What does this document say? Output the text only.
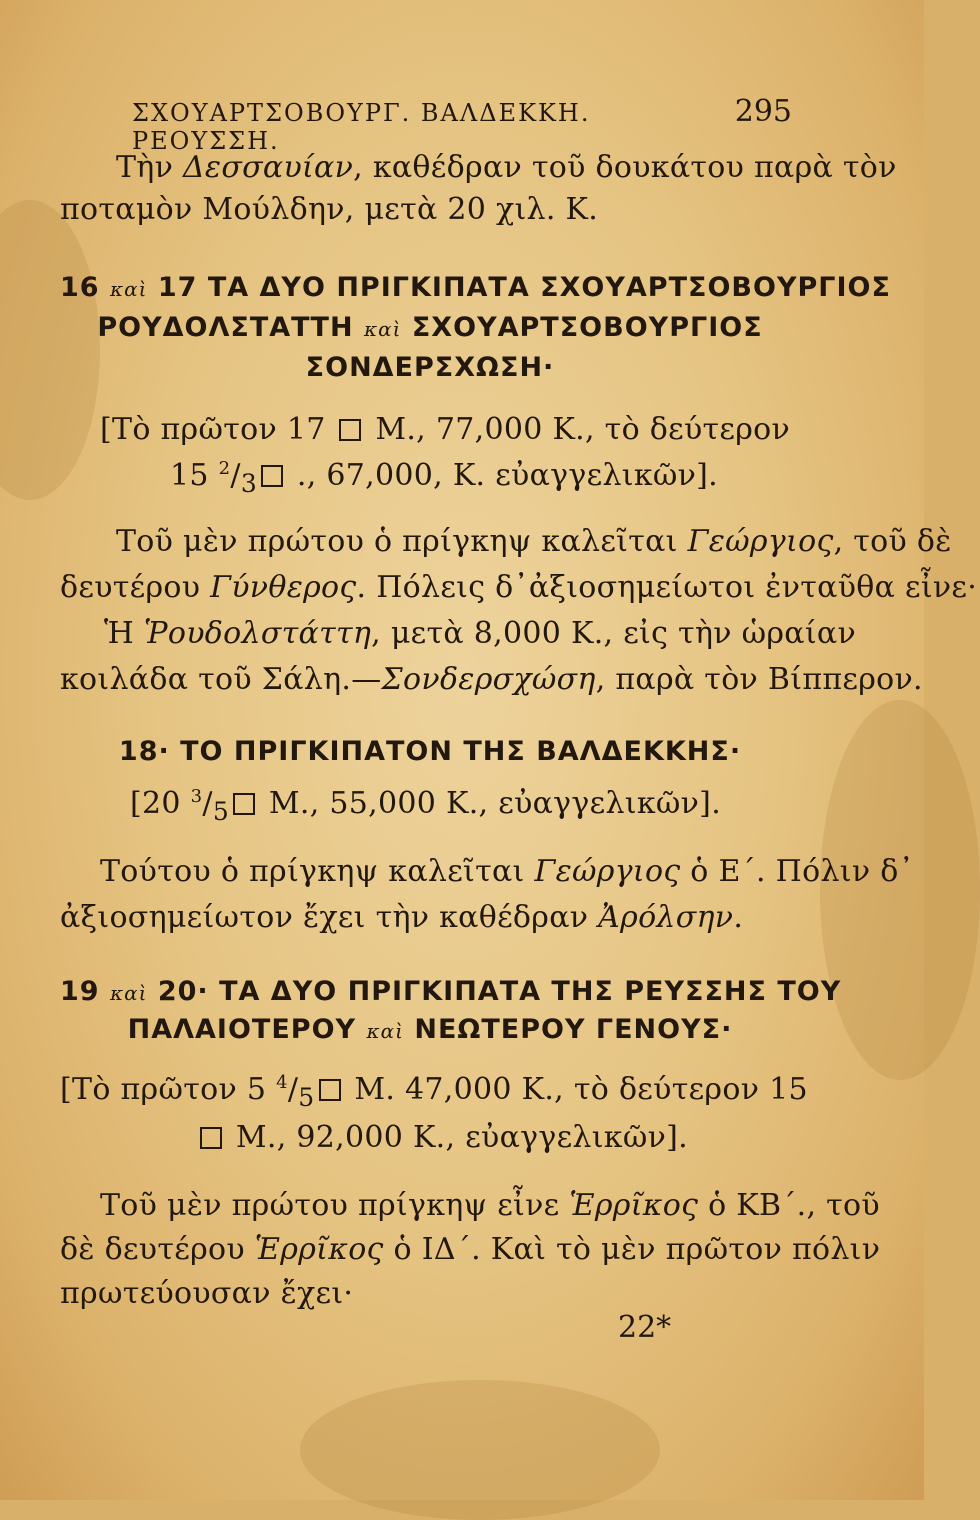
ΣΧΟΥΑΡΤΣΟΒΟΥΡΓ. ΒΑΛΔΕΚΚΗ. ΡΕΟΥΣΣΗ.
295
Τὴν Δεσσαυίαν, καθέδραν τοῦ δουκάτου παρὰ τὸν
ποταμὸν Μούλδην, μετὰ 20 χιλ. Κ.
16 καὶ 17 ΤΑ ΔΥΟ ΠΡΙΓΚΙΠΑΤΑ ΣΧΟΥΑΡΤΣΟΒΟΥΡΓΙΟΣ
ΡΟΥΔΟΛΣΤΑΤΤΗ καὶ ΣΧΟΥΑΡΤΣΟΒΟΥΡΓΙΟΣ
ΣΟΝΔΕΡΣΧΩΣΗ·
[Τὸ πρῶτον 17  Μ., 77,000 Κ., τὸ δεύτερον
15 $^2/_3$ ., 67,000, Κ. εὐαγγελικῶν].
Τοῦ μὲν πρώτου ὁ πρίγκηψ καλεῖται Γεώργιος, τοῦ δὲ
δευτέρου Γύνθερος. Πόλεις δ᾽ἀξιοσημείωτοι ἐνταῦθα εἶνε·
Ἡ Ῥουδολστάττη, μετὰ 8,000 Κ., εἰς τὴν ὡραίαν
κοιλάδα τοῦ Σάλη.—Σονδερσχώση, παρὰ τὸν Βίππερον.
18· ΤΟ ΠΡΙΓΚΙΠΑΤΟΝ ΤΗΣ ΒΑΛΔΕΚΚΗΣ·
[20 $^3/_5$ Μ., 55,000 Κ., εὐαγγελικῶν].
Τούτου ὁ πρίγκηψ καλεῖται Γεώργιος ὁ Ε΄. Πόλιν δ᾽
ἀξιοσημείωτον ἔχει τὴν καθέδραν Ἀρόλσην.
19 καὶ 20· ΤΑ ΔΥΟ ΠΡΙΓΚΙΠΑΤΑ ΤΗΣ ΡΕΥΣΣΗΣ ΤΟΥ
ΠΑΛΑΙΟΤΕΡΟΥ καὶ ΝΕΩΤΕΡΟΥ ΓΕΝΟΥΣ·
[Τὸ πρῶτον 5 $^4/_5$ Μ. 47,000 Κ., τὸ δεύτερον 15
Μ., 92,000 Κ., εὐαγγελικῶν].
Τοῦ μὲν πρώτου πρίγκηψ εἶνε Ἑρρῖκος ὁ ΚΒ΄., τοῦ
δὲ δευτέρου Ἑρρῖκος ὁ ΙΔ΄. Καὶ τὸ μὲν πρῶτον πόλιν
πρωτεύουσαν ἔχει·
22*
